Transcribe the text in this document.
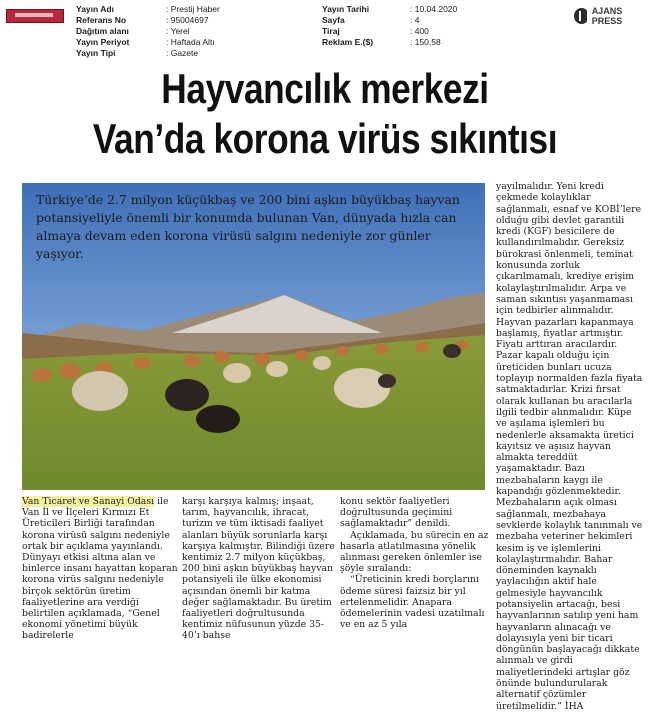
Yayın Adı	: Prestij Haber
Referans No	: 95004697
Dağıtım alanı	: Yerel
Yayın Periyot	: Haftada Altı
Yayın Tipi	: Gazete
Yayın Tarihi	: 10.04.2020
Sayfa	: 4
Tiraj	: 400
Reklam E.($)	: 150,58
AJANS PRESS
Hayvancılık merkezi
Van’da korona virüs sıkıntısı
Türkiye’de 2.7 milyon küçükbaş ve 200 bini aşkın büyükbaş hayvan potansiyeliyle önemli bir konumda bulunan Van, dünyada hızla can almaya devam eden korona virüsü salgını nedeniyle zor günler yaşıyor.
Van Ticaret ve Sanayi Odası ile Van İl ve İlçeleri Kırmızı Et Üreticileri Birliği tarafından korona virüsü salgını nedeniyle ortak bir açıklama yayınlandı. Dünyayı etkisi altına alan ve binlerce insanı hayattan koparan korona virüs salgını nedeniyle birçok sektörün üretim faaliyetlerine ara verdiği belirtilen açıklamada, “Genel ekonomi yönetimi büyük badirelerle
karşı karşıya kalmış; inşaat, tarım, hayvancılık, ihracat, turizm ve tüm iktisadi faaliyet alanları büyük sorunlarla karşı karşıya kalmıştır. Bilindiği üzere kentimiz 2.7 milyon küçükbaş, 200 bini aşkın büyükbaş hayvan potansiyeli ile ülke ekonomisi açısından önemli bir katma değer sağlamaktadır. Bu üretim faaliyetleri doğrultusunda kentimiz nüfusunun yüzde 35-40’ı bahse
konu sektör faaliyetleri doğrultusunda geçimini sağlamaktadır” denildi.
Açıklamada, bu sürecin en az hasarla atlatılmasına yönelik alınması gereken önlemler ise şöyle sıralandı:
“Üreticinin kredi borçlarını ödeme süresi faizsiz bir yıl ertelenmelidir. Anapara ödemelerinin vadesi uzatılmalı ve en az 5 yıla
yayılmalıdır. Yeni kredi çekmede kolaylıklar sağlanmalı, esnaf ve KOBİ’lere olduğu gibi devlet garantili kredi (KGF) besicilere de kullandırılmalıdır. Gereksiz bürokrasi önlenmeli, teminat konusunda zorluk çıkarılmamalı, krediye erişim kolaylaştırılmalıdır. Arpa ve saman sıkıntısı yaşanmaması için tedbirler alınmalıdır. Hayvan pazarları kapanmaya başlamış, fiyatlar artmıştır. Fiyatı arttıran aracılardır. Pazar kapalı olduğu için üreticiden bunları ucuza toplayıp normalden fazla fiyata satmaktadırlar. Krizi fırsat olarak kullanan bu aracılarla ilgili tedbir alınmalıdır. Küpe ve aşılama işlemleri bu nedenlerle aksamakta üretici kayıtsız ve aşısız hayvan almakta tereddüt yaşamaktadır. Bazı mezbahaların kaygı ile kapandığı gözlenmektedir. Mezbahaların açık olması sağlanmalı, mezbahaya sevklerde kolaylık tanınmalı ve mezbaha veteriner hekimleri kesim iş ve işlemlerini kolaylaştırmalıdır. Bahar döneminden kaynaklı yaylacılığın aktif hale gelmesiyle hayvancılık potansiyelin artacağı, besi hayvanlarının satılıp yeni ham hayvanların alınacağı ve dolayısıyla yeni bir ticari döngünün başlayacağı dikkate alınmalı ve girdi maliyetlerindeki artışlar göz önünde bulundurularak alternatif çözümler üretilmelidir.” İHA
